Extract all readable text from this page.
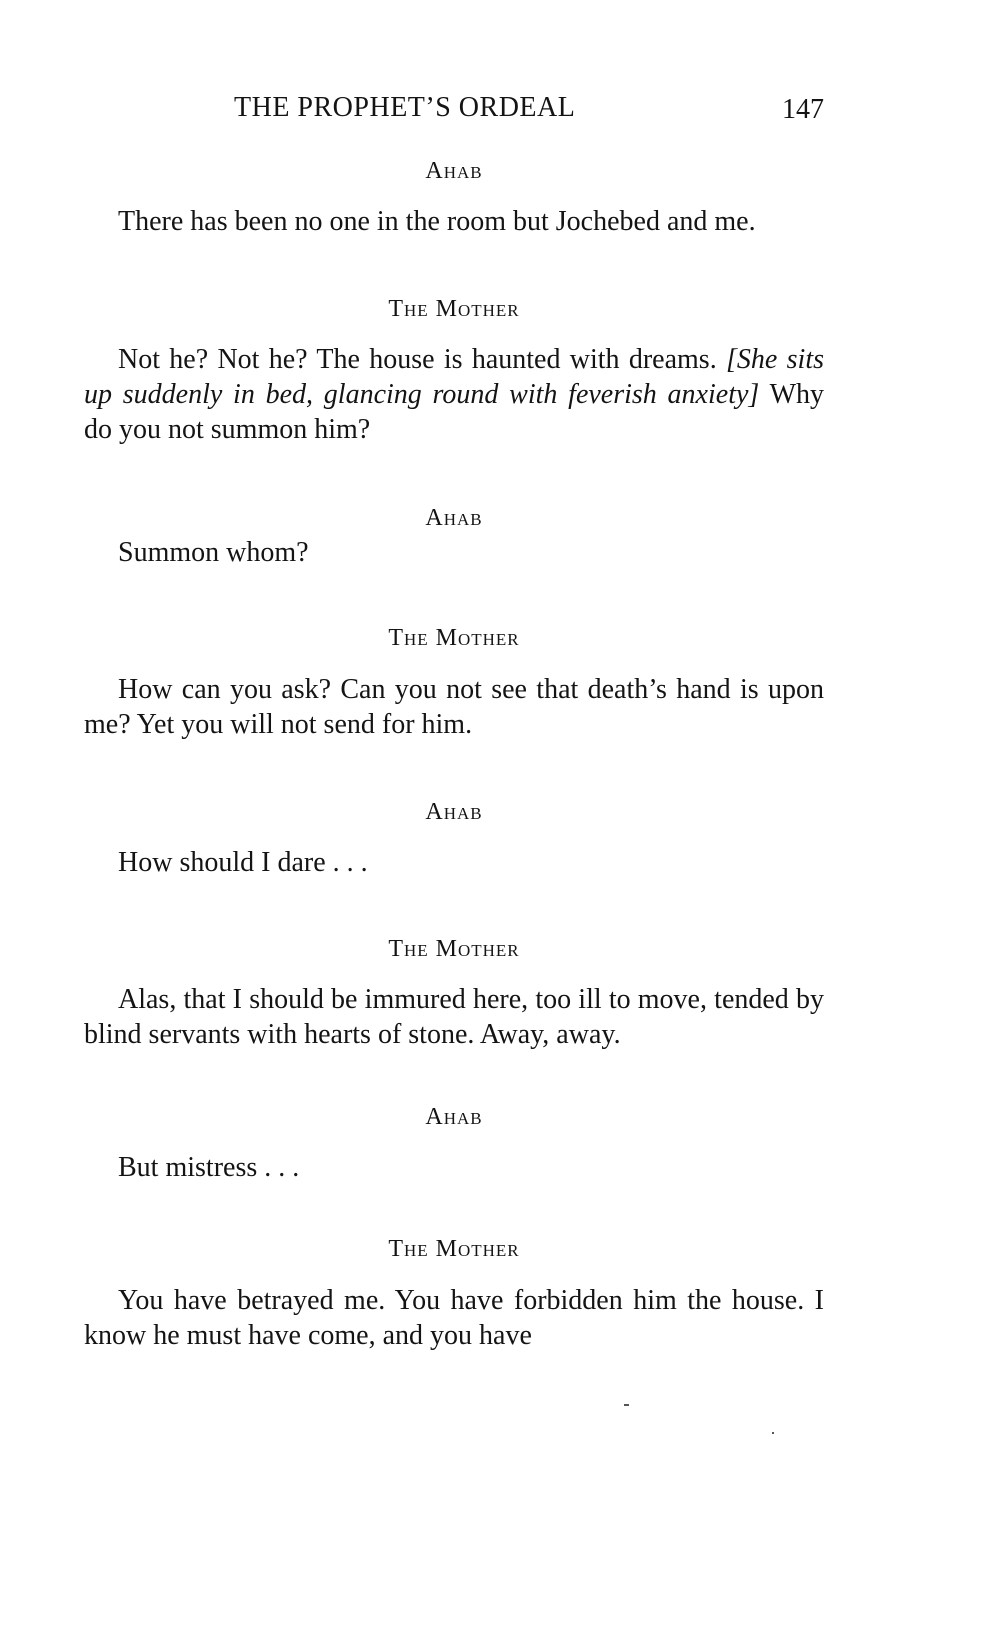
THE PROPHET’S ORDEAL	147
Ahab
There has been no one in the room but Jochebed and me.
The Mother
Not he? Not he? The house is haunted with dreams. [She sits up suddenly in bed, glancing round with feverish anxiety] Why do you not summon him?
Ahab
Summon whom?
The Mother
How can you ask? Can you not see that death’s hand is upon me? Yet you will not send for him.
Ahab
How should I dare . . .
The Mother
Alas, that I should be immured here, too ill to move, tended by blind servants with hearts of stone. Away, away.
Ahab
But mistress . . .
The Mother
You have betrayed me. You have forbidden him the house. I know he must have come, and you have
